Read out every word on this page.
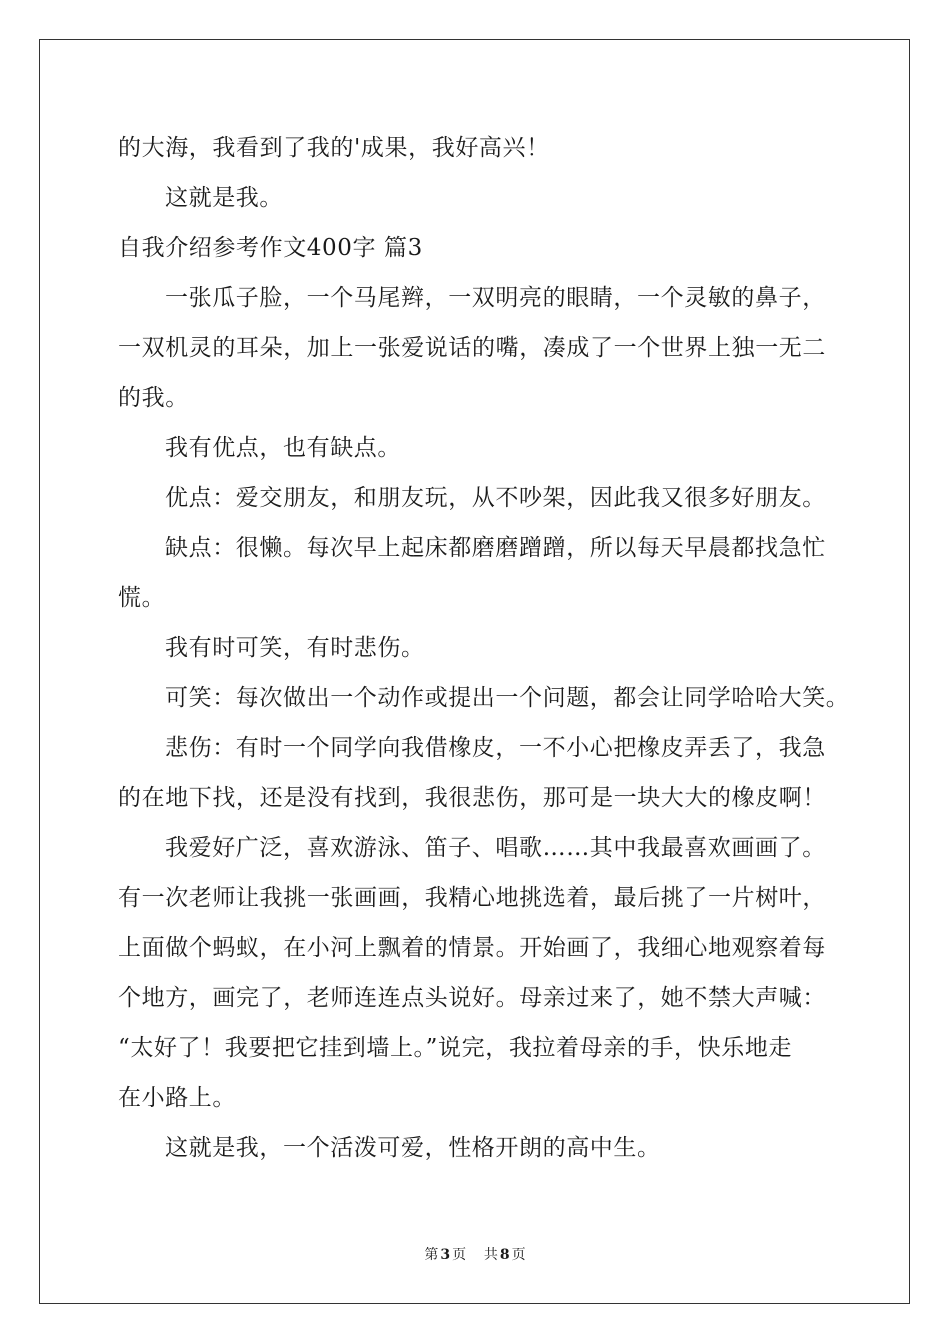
的大海，我看到了我的'成果，我好高兴！
这就是我。
自我介绍参考作文400字 篇3
一张瓜子脸，一个马尾辫，一双明亮的眼睛，一个灵敏的鼻子，
一双机灵的耳朵，加上一张爱说话的嘴，凑成了一个世界上独一无二
的我。
我有优点，也有缺点。
优点：爱交朋友，和朋友玩，从不吵架，因此我又很多好朋友。
缺点：很懒。每次早上起床都磨磨蹭蹭，所以每天早晨都找急忙
慌。
我有时可笑，有时悲伤。
可笑：每次做出一个动作或提出一个问题，都会让同学哈哈大笑。
悲伤：有时一个同学向我借橡皮，一不小心把橡皮弄丢了，我急
的在地下找，还是没有找到，我很悲伤，那可是一块大大的橡皮啊！
我爱好广泛，喜欢游泳、笛子、唱歌……其中我最喜欢画画了。
有一次老师让我挑一张画画，我精心地挑选着，最后挑了一片树叶，
上面做个蚂蚁，在小河上飘着的情景。开始画了，我细心地观察着每
个地方，画完了，老师连连点头说好。母亲过来了，她不禁大声喊：
“太好了！我要把它挂到墙上。”说完，我拉着母亲的手，快乐地走
在小路上。
这就是我，一个活泼可爱，性格开朗的高中生。
第 3 页 共 8 页
